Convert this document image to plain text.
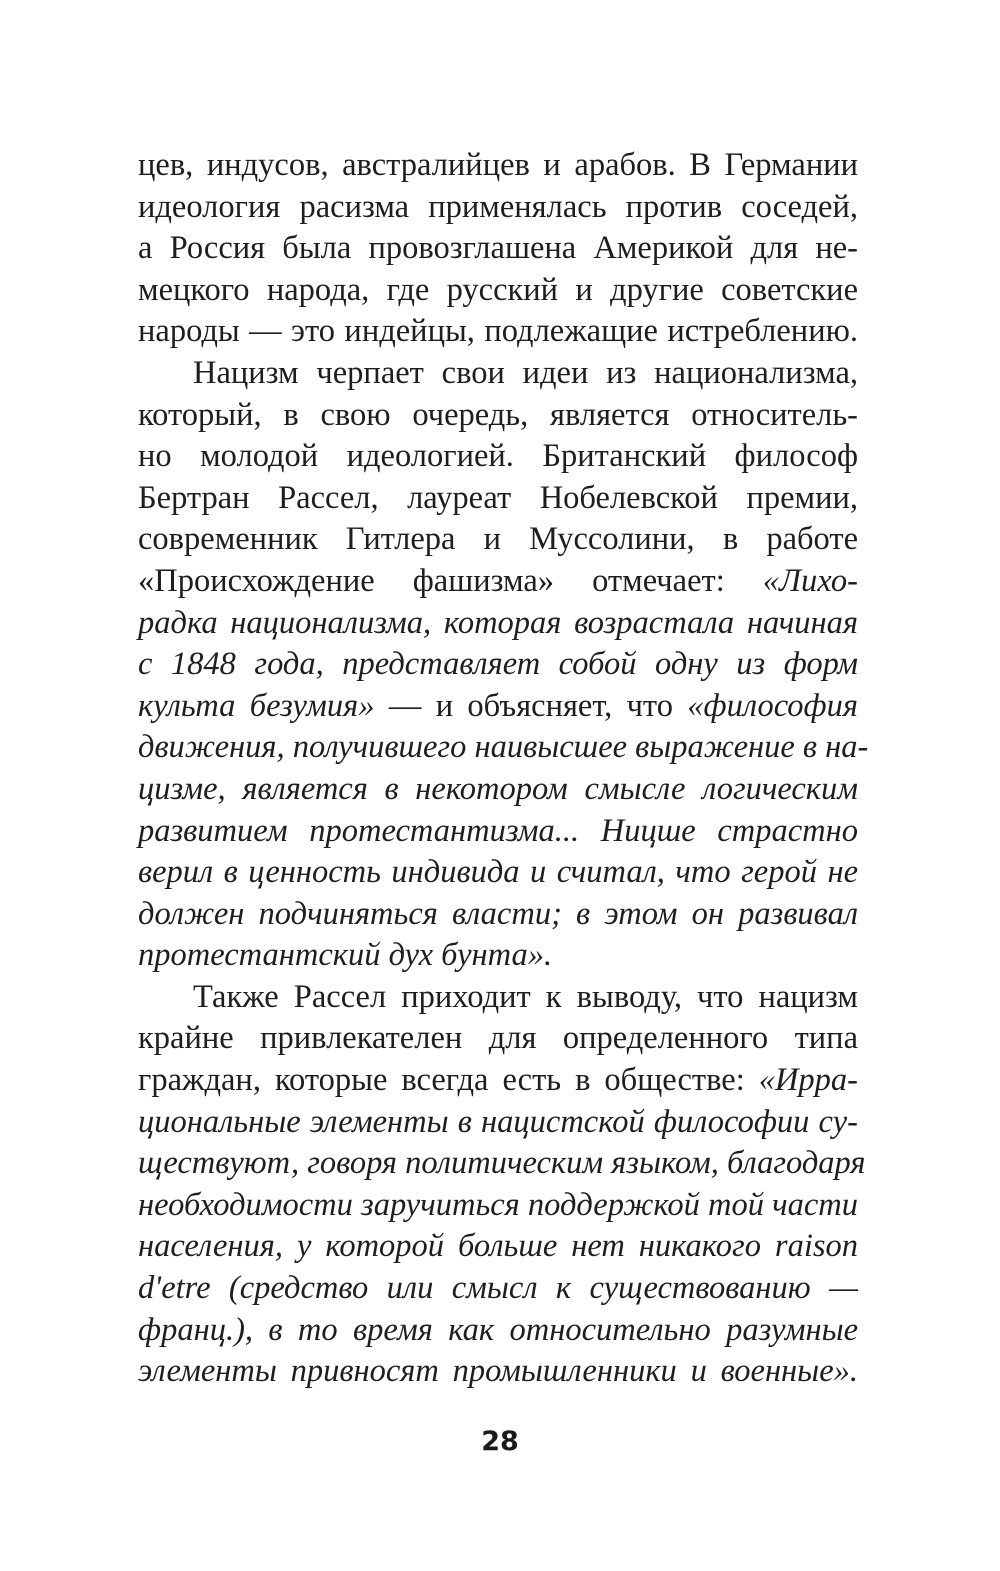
цев, индусов, австралийцев и арабов. В Германии
идеология расизма применялась против соседей,
а Россия была провозглашена Америкой для не-
мецкого народа, где русский и другие советские
народы — это индейцы, подлежащие истреблению.
Нацизм черпает свои идеи из национализма,
который, в свою очередь, является относитель-
но молодой идеологией. Британский философ
Бертран Рассел, лауреат Нобелевской премии,
современник Гитлера и Муссолини, в работе
«Происхождение фашизма» отмечает: «Лихо-
радка национализма, которая возрастала начиная
с 1848 года, представляет собой одну из форм
культа безумия» — и объясняет, что «философия
движения, получившего наивысшее выражение в на-
цизме, является в некотором смысле логическим
развитием протестантизма... Ницше страстно
верил в ценность индивида и считал, что герой не
должен подчиняться власти; в этом он развивал
протестантский дух бунта».
Также Рассел приходит к выводу, что нацизм
крайне привлекателен для определенного типа
граждан, которые всегда есть в обществе: «Ирра-
циональные элементы в нацистской философии су-
ществуют, говоря политическим языком, благодаря
необходимости заручиться поддержкой той части
населения, у которой больше нет никакого raison
d'etre (средство или смысл к существованию —
франц.), в то время как относительно разумные
элементы привносят промышленники и военные».
28
